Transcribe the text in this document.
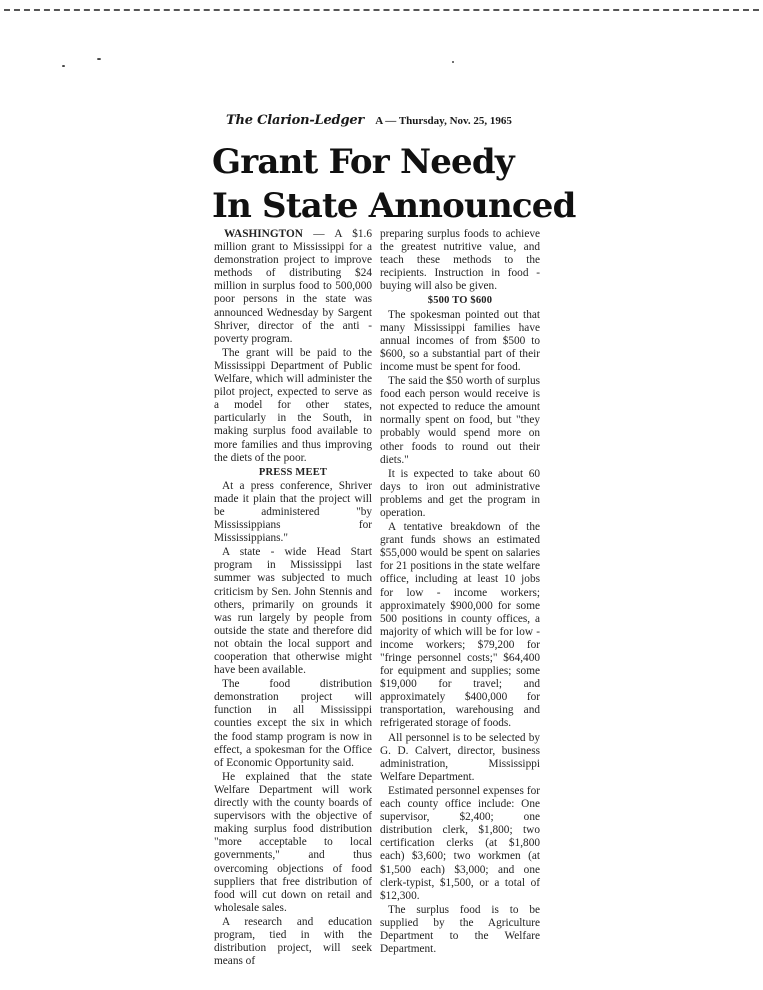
The Clarion-Ledger A — Thursday, Nov. 25, 1965
Grant For Needy
In State Announced

WASHINGTON — A $1.6 million grant to Mississippi for a demonstration project to improve methods of distributing $24 million in surplus food to 500,000 poor persons in the state was announced Wednesday by Sargent Shriver, director of the anti - poverty program.

The grant will be paid to the Mississippi Department of Public Welfare, which will administer the pilot project, expected to serve as a model for other states, particularly in the South, in making surplus food available to more families and thus improving the diets of the poor.

PRESS MEET

At a press conference, Shriver made it plain that the project will be administered "by Mississippians for Mississippians."

A state - wide Head Start program in Mississippi last summer was subjected to much criticism by Sen. John Stennis and others, primarily on grounds it was run largely by people from outside the state and therefore did not obtain the local support and cooperation that otherwise might have been available.

The food distribution demonstration project will function in all Mississippi counties except the six in which the food stamp program is now in effect, a spokesman for the Office of Economic Opportunity said.

He explained that the state Welfare Department will work directly with the county boards of supervisors with the objective of making surplus food distribution "more acceptable to local governments," and thus overcoming objections of food suppliers that free distribution of food will cut down on retail and wholesale sales.

A research and education program, tied in with the distribution project, will seek means of

preparing surplus foods to achieve the greatest nutritive value, and teach these methods to the recipients. Instruction in food - buying will also be given.

$500 TO $600

The spokesman pointed out that many Mississippi families have annual incomes of from $500 to $600, so a substantial part of their income must be spent for food.

The said the $50 worth of surplus food each person would receive is not expected to reduce the amount normally spent on food, but "they probably would spend more on other foods to round out their diets."

It is expected to take about 60 days to iron out administrative problems and get the program in operation.

A tentative breakdown of the grant funds shows an estimated $55,000 would be spent on salaries for 21 positions in the state welfare office, including at least 10 jobs for low - income workers; approximately $900,000 for some 500 positions in county offices, a majority of which will be for low - income workers; $79,200 for "fringe personnel costs;" $64,400 for equipment and supplies; some $19,000 for travel; and approximately $400,000 for transportation, warehousing and refrigerated storage of foods.

All personnel is to be selected by G. D. Calvert, director, business administration, Mississippi Welfare Department.

Estimated personnel expenses for each county office include: One supervisor, $2,400; one distribution clerk, $1,800; two certification clerks (at $1,800 each) $3,600; two workmen (at $1,500 each) $3,000; and one clerk-typist, $1,500, or a total of $12,300.

The surplus food is to be supplied by the Agriculture Department to the Welfare Department.
